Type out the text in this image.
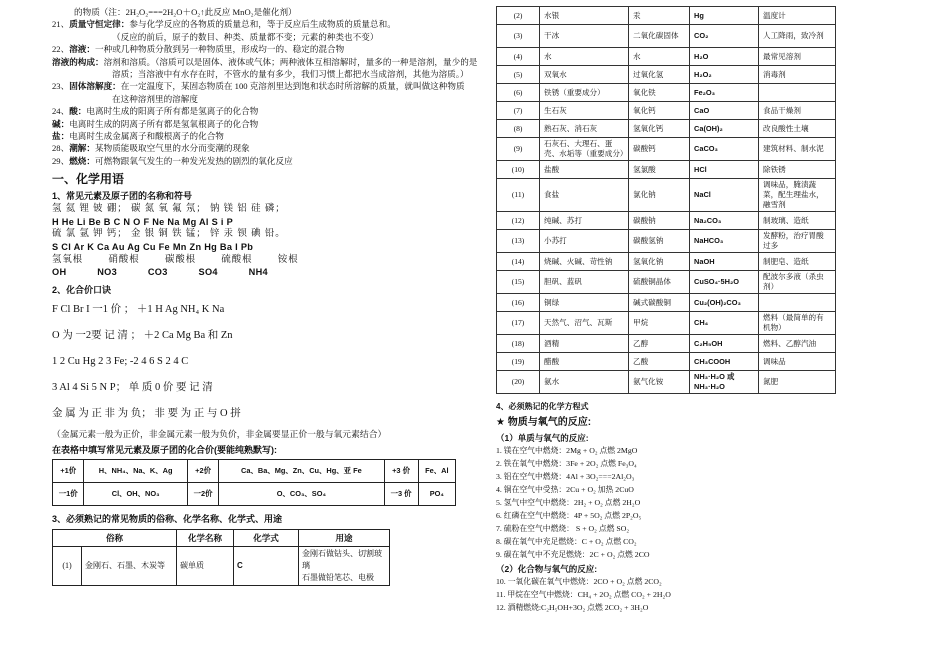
的物质（注：2H₂O₂===2H₂O＋O₂↑此反应 MnO₂是催化剂）
21、质量守恒定律：参与化学反应的各物质的质量总和，等于反应后生成物质的质量总和。
（反应的前后，原子的数目、种类、质量都不变；元素的种类也不变）
22、溶液：一种或几种物质分散到另一种物质里，形成均一的、稳定的混合物
溶液的构成：溶剂和溶质。（溶质可以是固体、液体或气体；两种液体互相溶解时，量多的一种是溶剂，量少的是
溶质；当溶液中有水存在时，不管水的量有多少，我们习惯上都把水当成溶剂，其他为溶质。）
23、固体溶解度：在一定温度下，某固态物质在 100 克溶剂里达到饱和状态时所溶解的质量，就叫做这种物质
在这种溶剂里的溶解度
24、酸：电离时生成的阳离子所有都是氢离子的化合物
碱：电离时生成的阴离子所有都是氢氧根离子的化合物
盐：电离时生成金属离子和酸根离子的化合物
28、潮解：某物质能吸取空气里的水分而变潮的现象
29、燃烧：可燃物跟氧气发生的一种发光发热的剧烈的氧化反应
一、化学用语
1、常见元素及原子团的名称和符号
氢 氦 锂 铍 硼； 碳 氮 氧 氟 氖； 钠 镁 铝 硅 磷；
H He Li Be B C N O F Ne Na Mg Al S i P
硫 氯 氩 钾 钙； 金 银 铜 铁 锰； 锌 汞 钡 碘 铅。
S Cl Ar K Ca Au Ag Cu Fe Mn Zn Hg Ba I Pb
氢氧根 硝酸根 碳酸根 硫酸根 铵根
OH NO3 CO3 SO4 NH4
2、化合价口诀
F Cl Br I 一1 价 ； ＋1 H Ag NH₄ K Na
O 为 一2要 记 清 ； ＋2 Ca Mg Ba 和 Zn
1 2 Cu Hg 2 3 Fe; -2 4 6 S 2 4 C
3 Al 4 Si 5 N P； 单 质 0 价 要 记 清
金 属 为 正 非 为 负； 非 要 为 正 与 O 拼
（金属元素一般为正价，非金属元素一般为负价，非金属要显正价一般与氧元素结合）
在表格中填写常见元素及原子团的化合价(要能纯熟默写):
+1价	H、NH₄、Na、K、Ag	+2价	Ca、Ba、Mg、Zn、Cu、Hg、亚 Fe	+3 价	Fe、Al
一1价	Cl、OH、NO₃	一2价	O、CO₃、SO₄	一3 价	PO₄
3、必须熟记的常见物质的俗称、化学名称、化学式、用途
俗称		化学名称	化学式	用途
(1)	金刚石、石墨、木炭等	碳单质	C	金刚石做钻头、切割玻璃
石墨做铅笔芯、电极
(2)	水银	汞	Hg	温度计
(3)	干冰	二氧化碳固体	CO₂	人工降雨，致冷剂
(4)	水	水	H₂O	最常见溶剂
(5)	双氧水	过氧化氢	H₂O₂	消毒剂
(6)	铁锈（重要成分）	氧化铁	Fe₂O₃	
(7)	生石灰	氧化钙	CaO	食品干燥剂
(8)	熟石灰、消石灰	氢氧化钙	Ca(OH)₂	改良酸性土壤
(9)	石灰石、大理石、蛋壳、水垢等（重要成分）	碳酸钙	CaCO₃	建筑材料、制水泥
(10)	盐酸	氢氯酸	HCl	除铁锈
(11)	食盐	氯化钠	NaCl	调味品，腌渍蔬菜，配生理盐水，融雪剂
(12)	纯碱、苏打	碳酸钠	Na₂CO₃	制玻璃、造纸
(13)	小苏打	碳酸氢钠	NaHCO₃	发酵粉，治疗胃酸过多
(14)	烧碱、火碱、苛性钠	氢氧化钠	NaOH	制肥皂、造纸
(15)	胆矾、蓝矾	硫酸铜晶体	CuSO₄·5H₂O	配波尔多液（杀虫剂）
(16)	铜绿	碱式碳酸铜	Cu₂(OH)₂CO₃	
(17)	天然气、沼气、瓦斯	甲烷	CH₄	燃料（最简单的有机物）
(18)	酒精	乙醇	C₂H₅OH	燃料、乙醇汽油
(19)	醋酸	乙酸	CH₃COOH	调味品
(20)	氨水	氨气化铵	NH₃·H₂O 或 NH₃·H₂O	氮肥
4、必须熟记的化学方程式
★ 物质与氧气的反应:
（1）单质与氧气的反应:
1. 镁在空气中燃烧：2Mg + O₂ 点燃 2MgO
2. 铁在氧气中燃烧：3Fe + 2O₂ 点燃 Fe₃O₄
3. 铝在空气中燃烧：4Al + 3O₂===2Al₂O₃
4. 铜在空气中受热：2Cu + O₂ 加热 2CuO
5. 氢气中空气中燃烧：2H₂ + O₂ 点燃 2H₂O
6. 红磷在空气中燃烧：4P + 5O₂ 点燃 2P₂O₅
7. 硫粉在空气中燃烧： S + O₂ 点燃 SO₂
8. 碳在氧气中充足燃烧：C + O₂ 点燃 CO₂
9. 碳在氧气中不充足燃烧：2C + O₂ 点燃 2CO
（2）化合物与氧气的反应:
10. 一氧化碳在氧气中燃烧：2CO + O₂ 点燃 2CO₂
11. 甲烷在空气中燃烧：CH₄ + 2O₂ 点燃 CO₂ + 2H₂O
12. 酒精燃烧:C₂H₅OH+3O₂ 点燃 2CO₂ + 3H₂O
